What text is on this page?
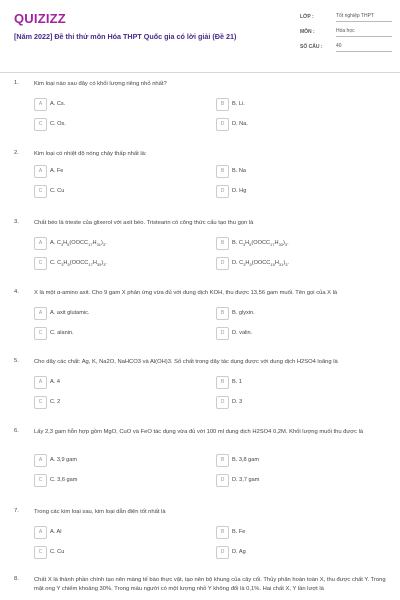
QUIZIZZ
[Năm 2022] Đề thi thử môn Hóa THPT Quốc gia có lời giải (Đề 21)
LỚP :	Tốt nghiệp THPT
MÔN :	Hóa học
SỐ CÂU :	40
1.	Kim loại nào sau đây có khối lượng riêng nhỏ nhất?
A	A. Cs.	B	B. Li.
C	C. Os.	D	D. Na.
2.	Kim loại có nhiệt độ nóng chảy thấp nhất là:
A	A. Fe	B	B. Na
C	C. Cu	D	D. Hg
3.	Chất béo là trieste của glixerol với axit béo. Tristearin có công thức cấu tạo thu gọn là
A	A. $C_3H_5(OOCC_{17}H_{31})_3$.	B	B. $C_3H_5(OOCC_{17}H_{33})_3$.
C	C. $C_3H_5(OOCC_{17}H_{35})_3$.	D	D. $C_3H_5(OOCC_{15}H_{31})_3$.
4.	X là một α-amino axit. Cho 9 gam X phản ứng vừa đủ với dung dịch KOH, thu được 13,56 gam muối. Tên gọi của X là
A	A. axit glutamic.	B	B. glyxin.
C	C. alanin.	D	D. valin.
5.	Cho dãy các chất: Ag, K, Na2O, NaHCO3 và Al(OH)3. Số chất trong dãy tác dụng được với dung dịch H2SO4 loãng là
A	A. 4	B	B. 1
C	C. 2	D	D. 3
6.	Lấy 2,3 gam hỗn hợp gồm MgO, CuO và FeO tác dụng vừa đủ với 100 ml dung dịch H2SO4 0,2M. Khối lượng muối thu được là
A	A. 3,9 gam	B	B. 3,8 gam
C	C. 3,6 gam	D	D. 3,7 gam
7.	Trong các kim loại sau, kim loại dẫn điện tốt nhất là
A	A. Al	B	B. Fe
C	C. Cu	D	D. Ag
8.	Chất X là thành phần chính tạo nên màng tế bào thực vật, tạo nên bộ khung của cây cối. Thủy phân hoàn toàn X, thu được chất Y. Trong mật ong Y chiếm khoảng 30%. Trong máu người có một lượng nhỏ Y không đổi là 0,1%. Hai chất X, Y lần lượt là
